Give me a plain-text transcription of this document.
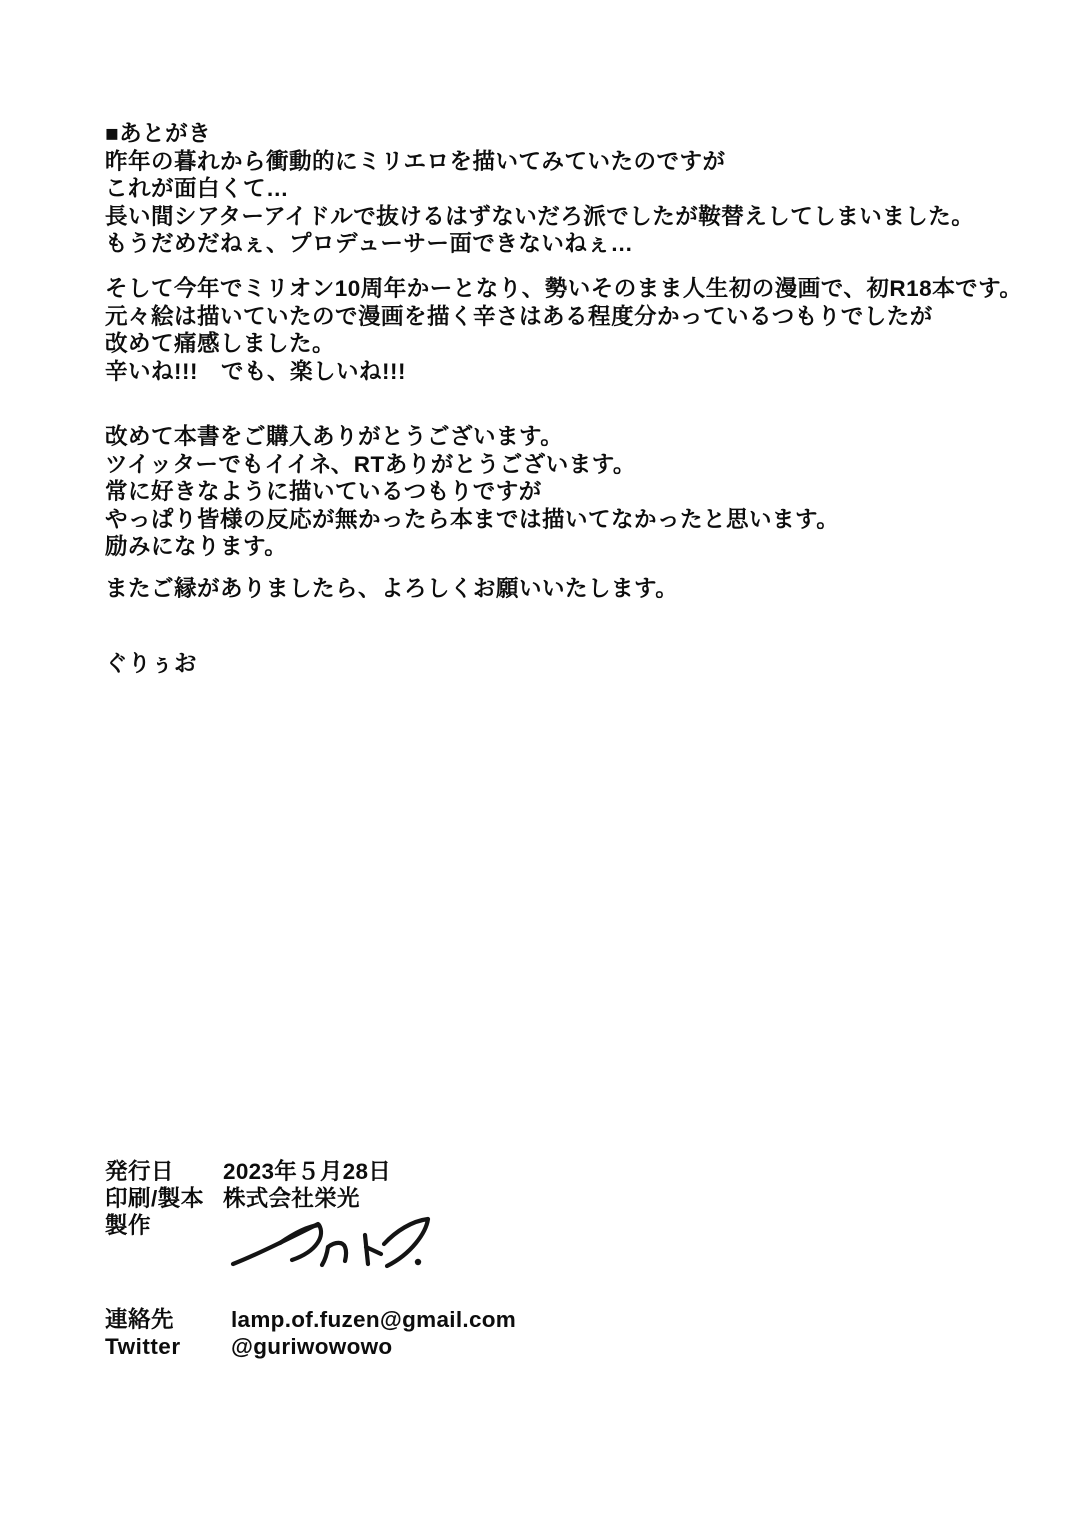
■あとがき
昨年の暮れから衝動的にミリエロを描いてみていたのですが
これが面白くて…
長い間シアターアイドルで抜けるはずないだろ派でしたが鞍替えしてしまいました。
もうだめだねぇ、プロデューサー面できないねぇ…
そして今年でミリオン10周年かーとなり、勢いそのまま人生初の漫画で、初R18本です。
元々絵は描いていたので漫画を描く辛さはある程度分かっているつもりでしたが
改めて痛感しました。
辛いね!!!　でも、楽しいね!!!
改めて本書をご購入ありがとうございます。
ツイッターでもイイネ、RTありがとうございます。
常に好きなように描いているつもりですが
やっぱり皆様の反応が無かったら本までは描いてなかったと思います。
励みになります。
またご縁がありましたら、よろしくお願いいたします。
ぐりぅお
発行日	2023年５月28日
印刷/製本 株式会社栄光
製作
連絡先	lamp.of.fuzen@gmail.com
Twitter	@guriwowowo
